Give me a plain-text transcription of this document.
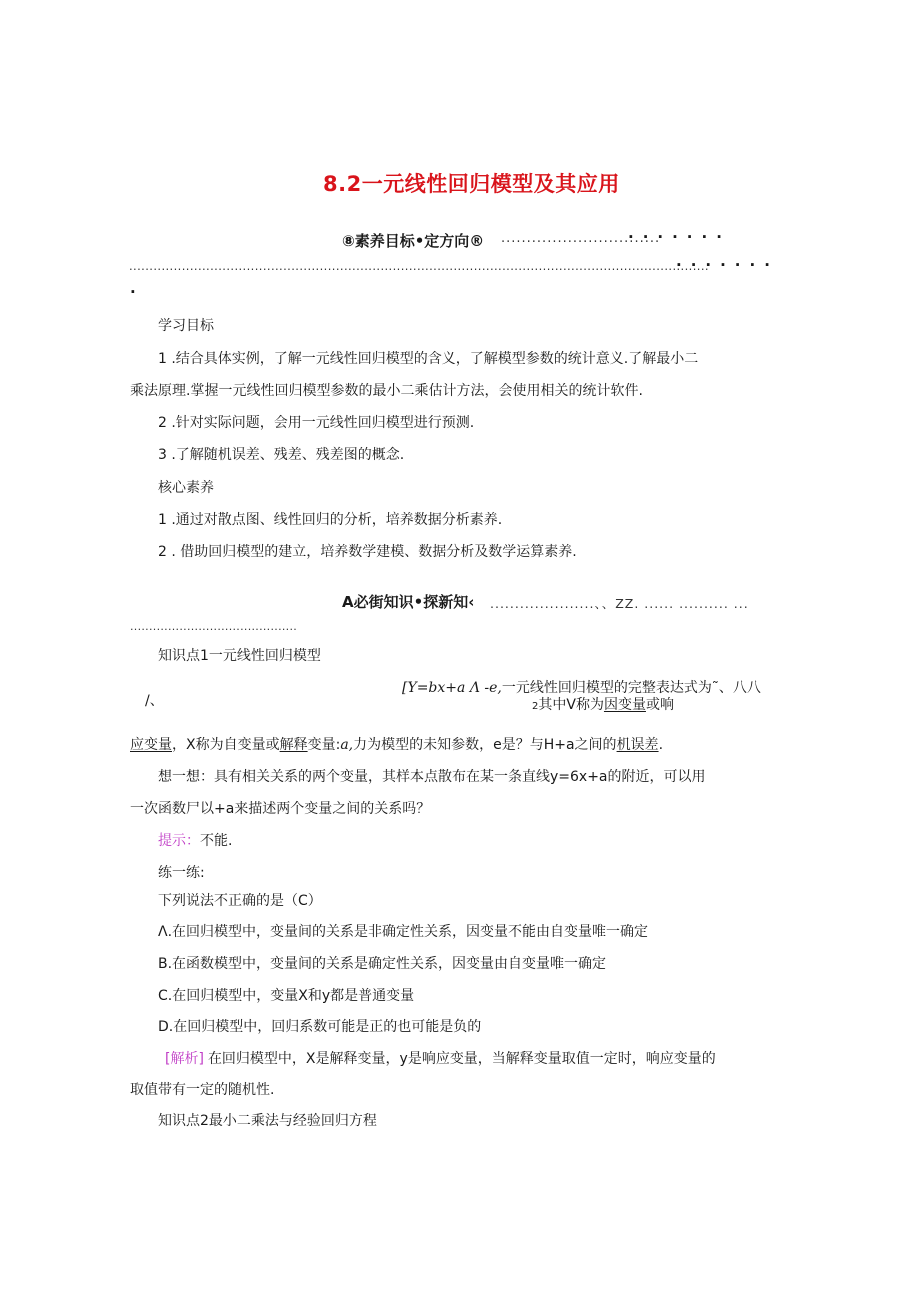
8.2一元线性回归模型及其应用
⑧素养目标•定方向® ...............................
·······
...............................................................................................................................................
·······
·
学习目标
1 .结合具体实例，了解一元线性回归模型的含义，了解模型参数的统计意义.了解最小二
乘法原理.掌握一元线性回归模型参数的最小二乘估计方法，会使用相关的统计软件.
2 .针对实际问题，会用一元线性回归模型进行预测.
3 .了解随机误差、残差、残差图的概念.
核心素养
1 .通过对散点图、线性回归的分析，培养数据分析素养.
2 . 借助回归模型的建立，培养数学建模、数据分析及数学运算素养.
A必街知识•探新知‹ .....................、、ZZ. ...... .......... ...
............................................
知识点1一元线性回归模型
/、
[Y=bx+a Λ -e,一元线性回归模型的完整表达式为˜、八八
2其中V称为因变量或响
应变量，X称为自变量或解释变量:a,力为模型的未知参数，e是？与H+a之间的机误差.
想一想：具有相关关系的两个变量，其样本点散布在某一条直线y=6x+a的附近，可以用
一次函数尸以+a来描述两个变量之间的关系吗？
提示：不能.
练一练:
下列说法不正确的是（C）
Λ.在回归模型中，变量间的关系是非确定性关系，因变量不能由自变量唯一确定
B.在函数模型中，变量间的关系是确定性关系，因变量由自变量唯一确定
C.在回归模型中，变量X和y都是普通变量
D.在回归模型中，回归系数可能是正的也可能是负的
[解析] 在回归模型中，X是解释变量，y是响应变量，当解释变量取值一定时，响应变量的
取值带有一定的随机性.
知识点2最小二乘法与经验回归方程
